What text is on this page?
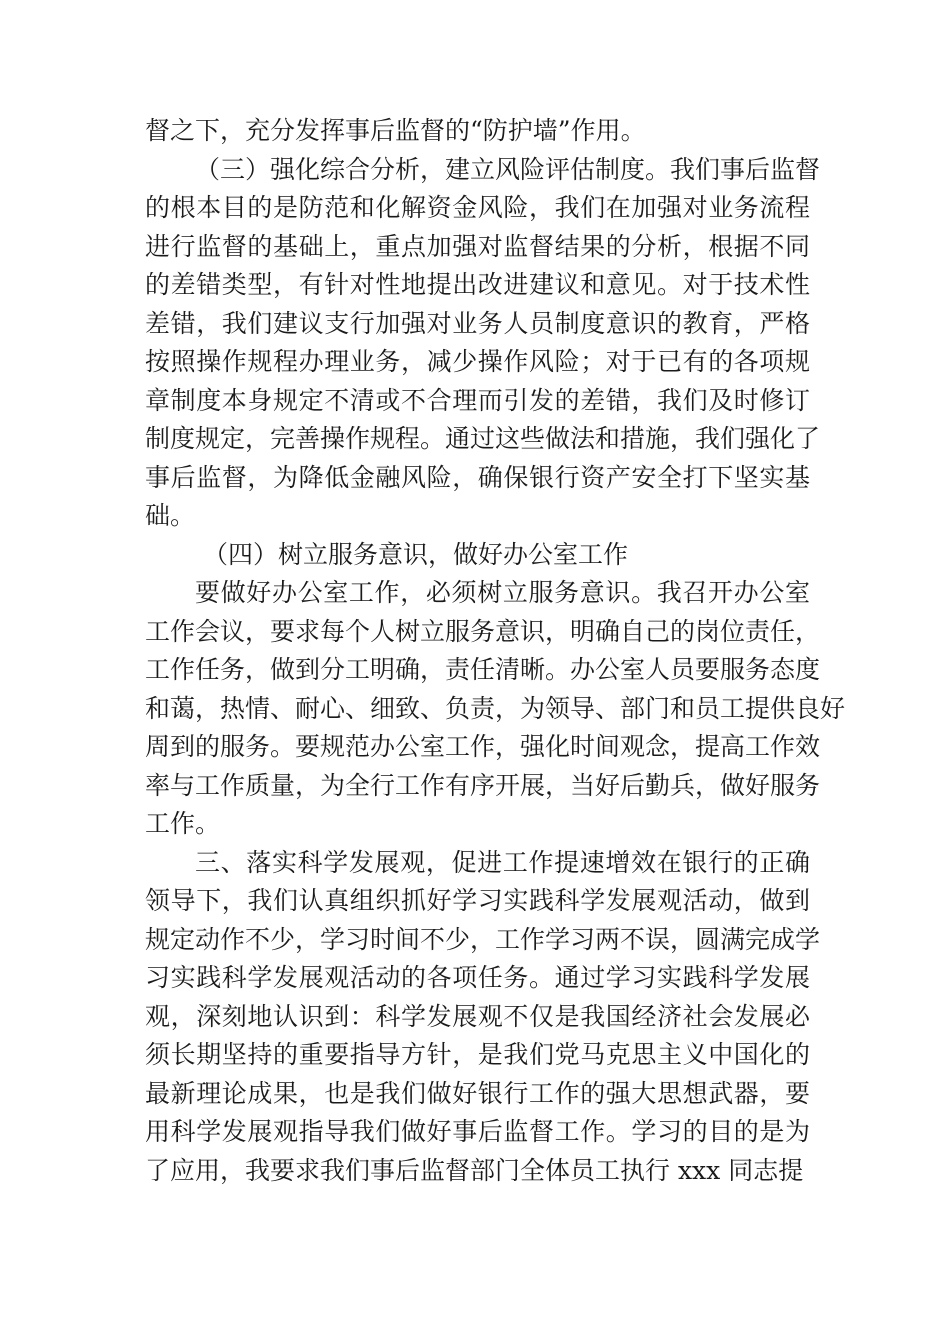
督之下，充分发挥事后监督的“防护墙”作用。
（三）强化综合分析，建立风险评估制度。我们事后监督
的根本目的是防范和化解资金风险，我们在加强对业务流程
进行监督的基础上，重点加强对监督结果的分析，根据不同
的差错类型，有针对性地提出改进建议和意见。对于技术性
差错，我们建议支行加强对业务人员制度意识的教育，严格
按照操作规程办理业务，减少操作风险；对于已有的各项规
章制度本身规定不清或不合理而引发的差错，我们及时修订
制度规定，完善操作规程。通过这些做法和措施，我们强化了
事后监督，为降低金融风险，确保银行资产安全打下坚实基
础。
（四）树立服务意识，做好办公室工作
要做好办公室工作，必须树立服务意识。我召开办公室
工作会议，要求每个人树立服务意识，明确自己的岗位责任，
工作任务，做到分工明确，责任清晰。办公室人员要服务态度
和蔼，热情、耐心、细致、负责，为领导、部门和员工提供良好
周到的服务。要规范办公室工作，强化时间观念，提高工作效
率与工作质量，为全行工作有序开展，当好后勤兵，做好服务
工作。
三、落实科学发展观，促进工作提速增效在银行的正确
领导下，我们认真组织抓好学习实践科学发展观活动，做到
规定动作不少，学习时间不少，工作学习两不误，圆满完成学
习实践科学发展观活动的各项任务。通过学习实践科学发展
观，深刻地认识到：科学发展观不仅是我国经济社会发展必
须长期坚持的重要指导方针，是我们党马克思主义中国化的
最新理论成果，也是我们做好银行工作的强大思想武器，要
用科学发展观指导我们做好事后监督工作。学习的目的是为
了应用，我要求我们事后监督部门全体员工执行 xxx 同志提
